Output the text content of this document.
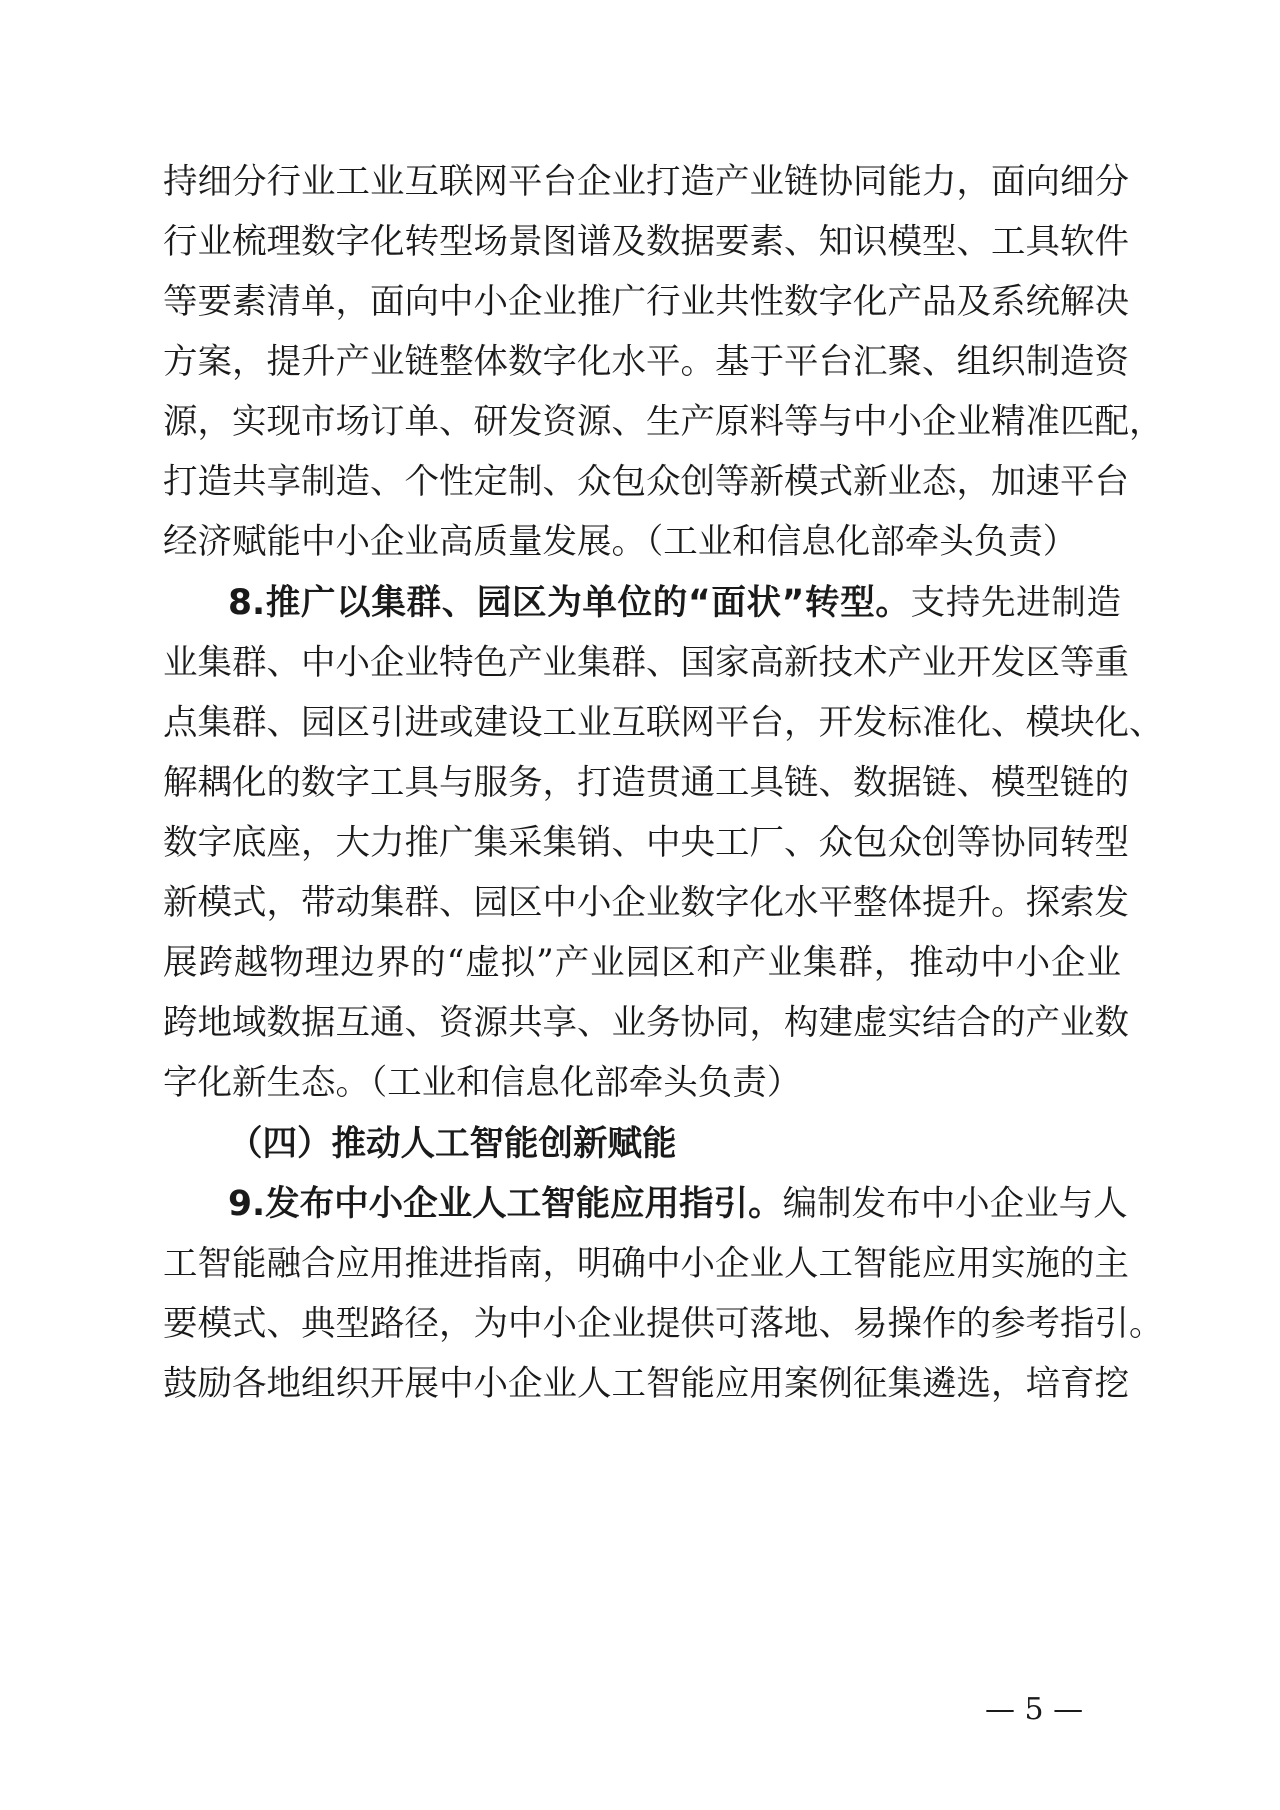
持细分行业工业互联网平台企业打造产业链协同能力，面向细分
行业梳理数字化转型场景图谱及数据要素、知识模型、工具软件
等要素清单，面向中小企业推广行业共性数字化产品及系统解决
方案，提升产业链整体数字化水平。基于平台汇聚、组织制造资
源，实现市场订单、研发资源、生产原料等与中小企业精准匹配，
打造共享制造、个性定制、众包众创等新模式新业态，加速平台
经济赋能中小企业高质量发展。（工业和信息化部牵头负责）
8.推广以集群、园区为单位的“面状”转型。支持先进制造
业集群、中小企业特色产业集群、国家高新技术产业开发区等重
点集群、园区引进或建设工业互联网平台，开发标准化、模块化、
解耦化的数字工具与服务，打造贯通工具链、数据链、模型链的
数字底座，大力推广集采集销、中央工厂、众包众创等协同转型
新模式，带动集群、园区中小企业数字化水平整体提升。探索发
展跨越物理边界的“虚拟”产业园区和产业集群，推动中小企业
跨地域数据互通、资源共享、业务协同，构建虚实结合的产业数
字化新生态。（工业和信息化部牵头负责）
（四）推动人工智能创新赋能
9.发布中小企业人工智能应用指引。编制发布中小企业与人
工智能融合应用推进指南，明确中小企业人工智能应用实施的主
要模式、典型路径，为中小企业提供可落地、易操作的参考指引。
鼓励各地组织开展中小企业人工智能应用案例征集遴选，培育挖
— 5 —
